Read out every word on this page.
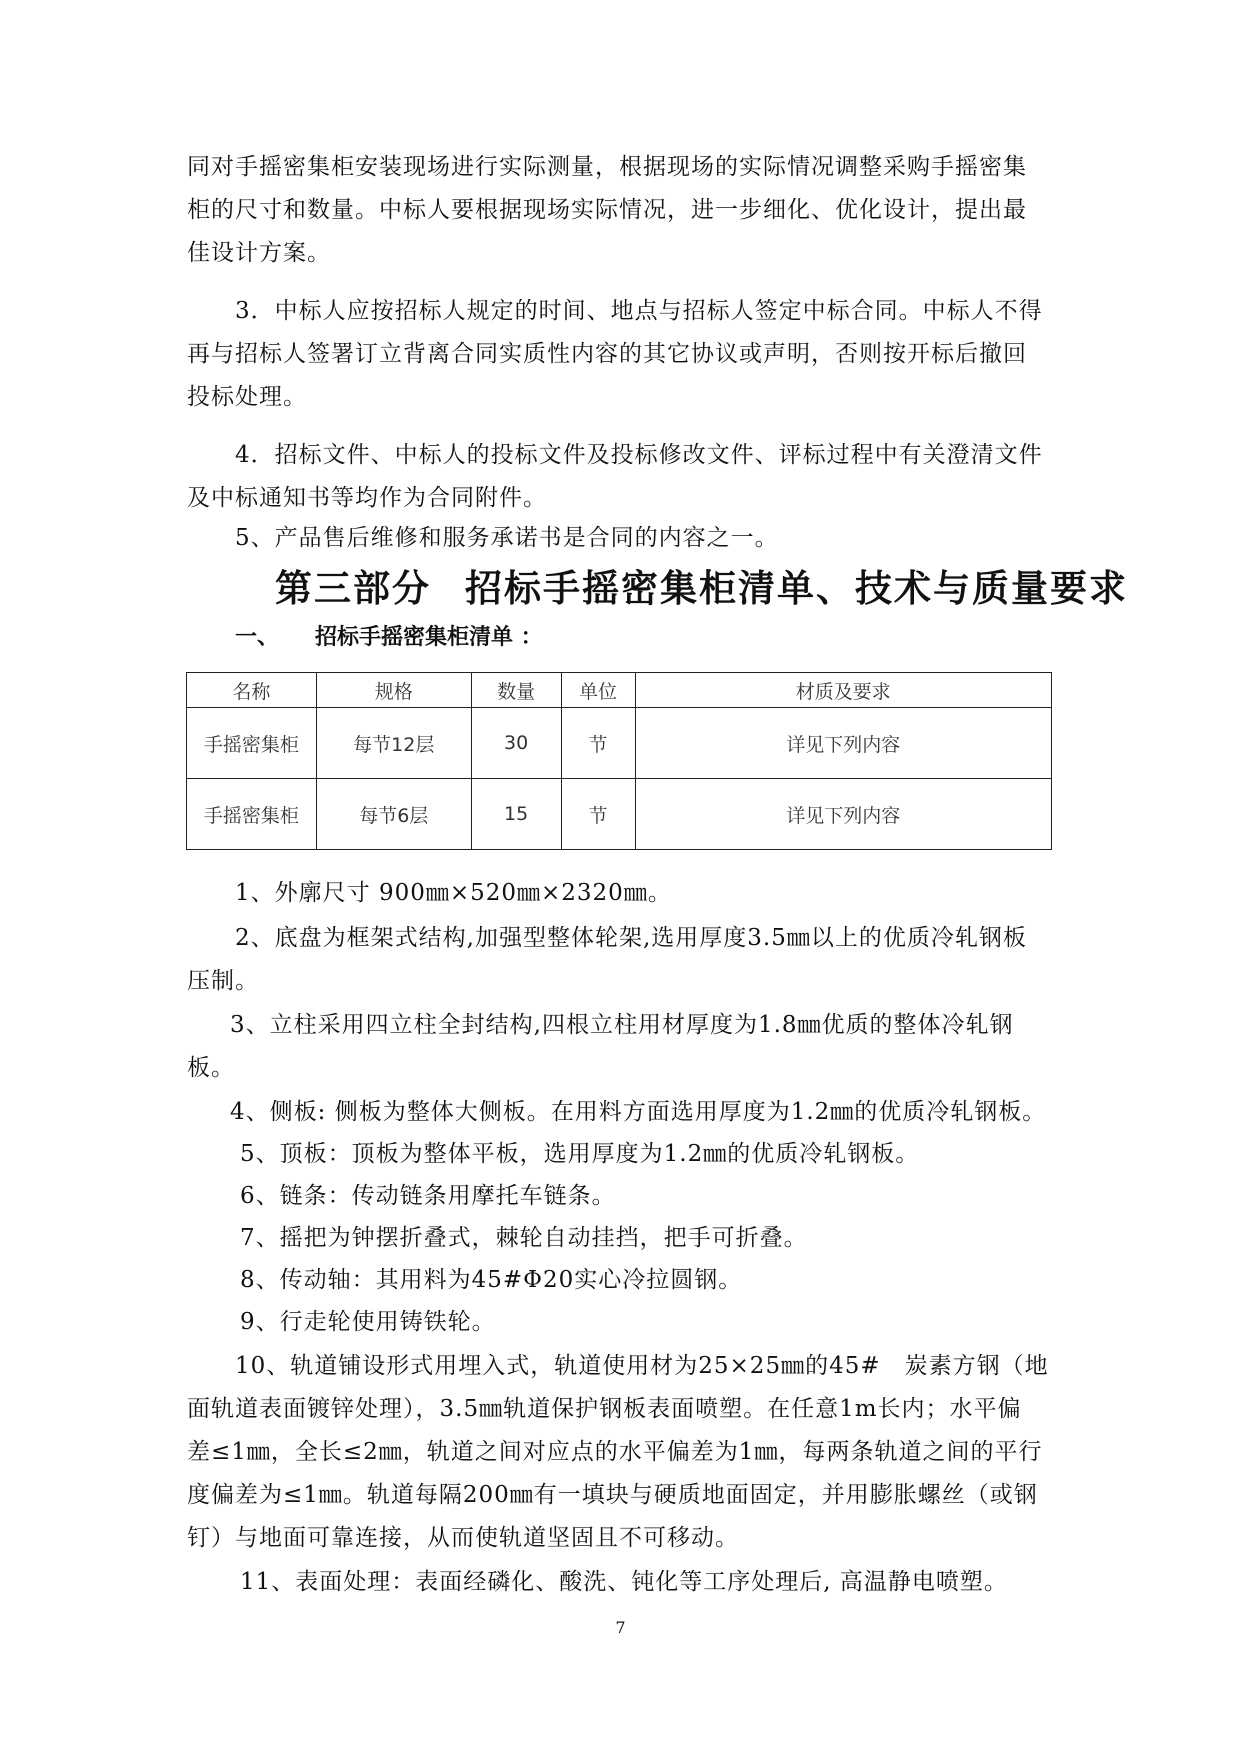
同对手摇密集柜安装现场进行实际测量，根据现场的实际情况调整采购手摇密集
柜的尺寸和数量。中标人要根据现场实际情况，进一步细化、优化设计，提出最
佳设计方案。
3．中标人应按招标人规定的时间、地点与招标人签定中标合同。中标人不得
再与招标人签署订立背离合同实质性内容的其它协议或声明，否则按开标后撤回
投标处理。
4．招标文件、中标人的投标文件及投标修改文件、评标过程中有关澄清文件
及中标通知书等均作为合同附件。
5、产品售后维修和服务承诺书是合同的内容之一。
第三部分 招标手摇密集柜清单、技术与质量要求
一、 招标手摇密集柜清单 ：
名称	规格	数量	单位	材质及要求
手摇密集柜	每节12层	30	节	详见下列内容
手摇密集柜	每节6层	15	节	详见下列内容
1、外廓尺寸 900㎜×520㎜×2320㎜。
2、底盘为框架式结构,加强型整体轮架,选用厚度3.5㎜以上的优质冷轧钢板
压制。
3、立柱采用四立柱全封结构,四根立柱用材厚度为1.8㎜优质的整体冷轧钢
板。
4、侧板: 侧板为整体大侧板。在用料方面选用厚度为1.2㎜的优质冷轧钢板。
5、顶板：顶板为整体平板，选用厚度为1.2㎜的优质冷轧钢板。
6、链条：传动链条用摩托车链条。
7、摇把为钟摆折叠式，棘轮自动挂挡，把手可折叠。
8、传动轴：其用料为45#Φ20实心冷拉圆钢。
9、行走轮使用铸铁轮。
10、轨道铺设形式用埋入式，轨道使用材为25×25㎜的45#　炭素方钢（地
面轨道表面镀锌处理），3.5㎜轨道保护钢板表面喷塑。在任意1m长内；水平偏
差≤1㎜，全长≤2㎜，轨道之间对应点的水平偏差为1㎜，每两条轨道之间的平行
度偏差为≤1㎜。轨道每隔200㎜有一填块与硬质地面固定，并用膨胀螺丝（或钢
钉）与地面可靠连接，从而使轨道坚固且不可移动。
11、表面处理：表面经磷化、酸洗、钝化等工序处理后, 高温静电喷塑。
7
